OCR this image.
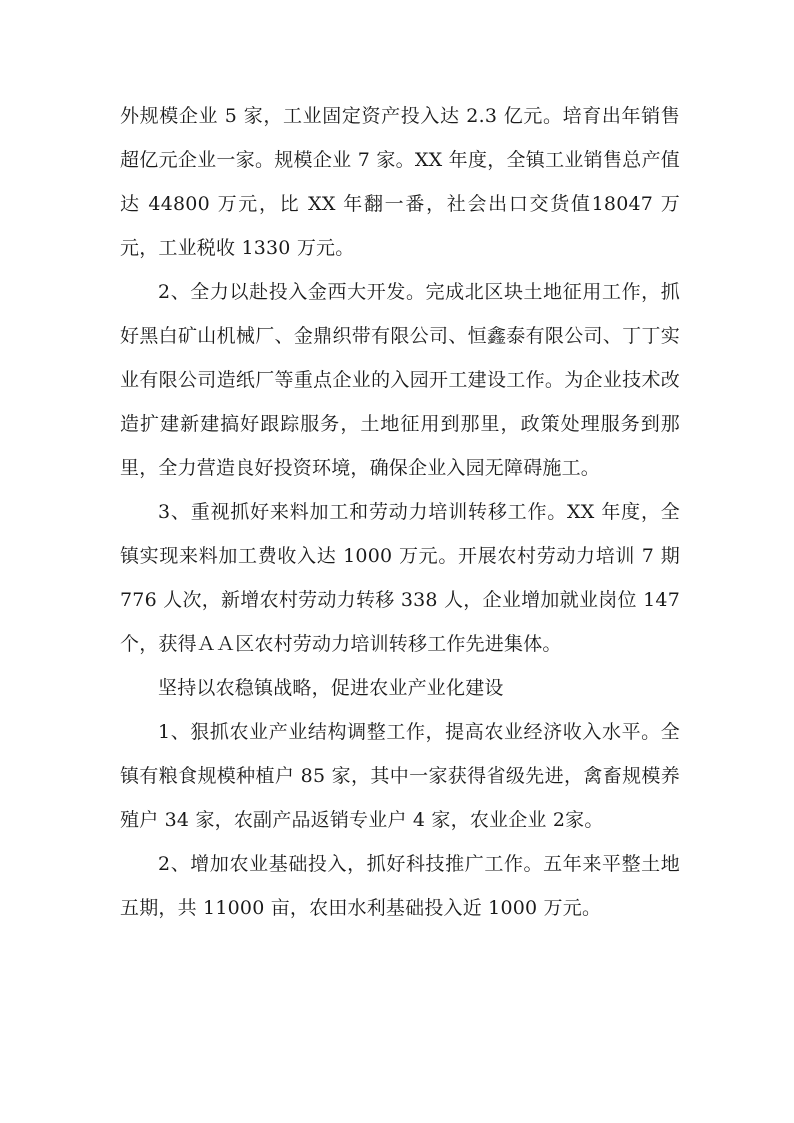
外规模企业 5 家，工业固定资产投入达 2.3 亿元。培育出年销售超亿元企业一家。规模企业 7 家。XX 年度，全镇工业销售总产值达 44800 万元，比 XX 年翻一番，社会出口交货值18047 万元，工业税收 1330 万元。

2、全力以赴投入金西大开发。完成北区块土地征用工作，抓好黑白矿山机械厂、金鼎织带有限公司、恒鑫泰有限公司、丁丁实业有限公司造纸厂等重点企业的入园开工建设工作。为企业技术改造扩建新建搞好跟踪服务，土地征用到那里，政策处理服务到那里，全力营造良好投资环境，确保企业入园无障碍施工。

3、重视抓好来料加工和劳动力培训转移工作。XX 年度，全镇实现来料加工费收入达 1000 万元。开展农村劳动力培训 7 期 776 人次，新增农村劳动力转移 338 人，企业增加就业岗位 147 个，获得ＡＡ区农村劳动力培训转移工作先进集体。

坚持以农稳镇战略，促进农业产业化建设

1、狠抓农业产业结构调整工作，提高农业经济收入水平。全镇有粮食规模种植户 85 家，其中一家获得省级先进，禽畜规模养殖户 34 家，农副产品返销专业户 4 家，农业企业 2家。

2、增加农业基础投入，抓好科技推广工作。五年来平整土地五期，共 11000 亩，农田水利基础投入近 1000 万元。
